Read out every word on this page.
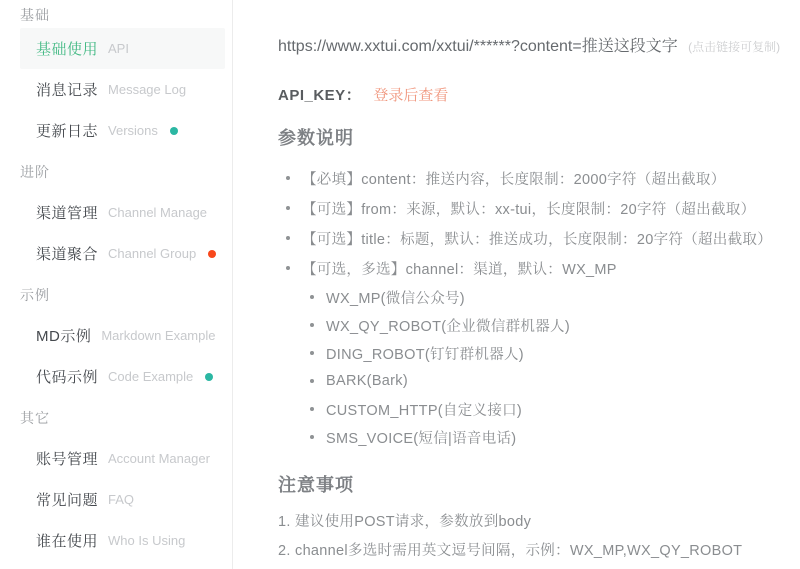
基础
基础使用 API
消息记录 Message Log
更新日志 Versions
进阶
渠道管理 Channel Manage
渠道聚合 Channel Group
示例
MD示例 Markdown Example
代码示例 Code Example
其它
账号管理 Account Manager
常见问题 FAQ
谁在使用 Who Is Using

https://www.xxtui.com/xxtui/******?content=推送这段文字 (点击链接可复制)

API_KEY： 登录后查看

参数说明
【必填】content：推送内容，长度限制：2000字符（超出截取）
【可选】from：来源，默认：xx-tui，长度限制：20字符（超出截取）
【可选】title：标题，默认：推送成功，长度限制：20字符（超出截取）
【可选，多选】channel：渠道，默认：WX_MP
WX_MP(微信公众号)
WX_QY_ROBOT(企业微信群机器人)
DING_ROBOT(钉钉群机器人)
BARK(Bark)
CUSTOM_HTTP(自定义接口)
SMS_VOICE(短信|语音电话)
注意事项

1. 建议使用POST请求，参数放到body

2. channel多选时需用英文逗号间隔，示例：WX_MP,WX_QY_ROBOT
